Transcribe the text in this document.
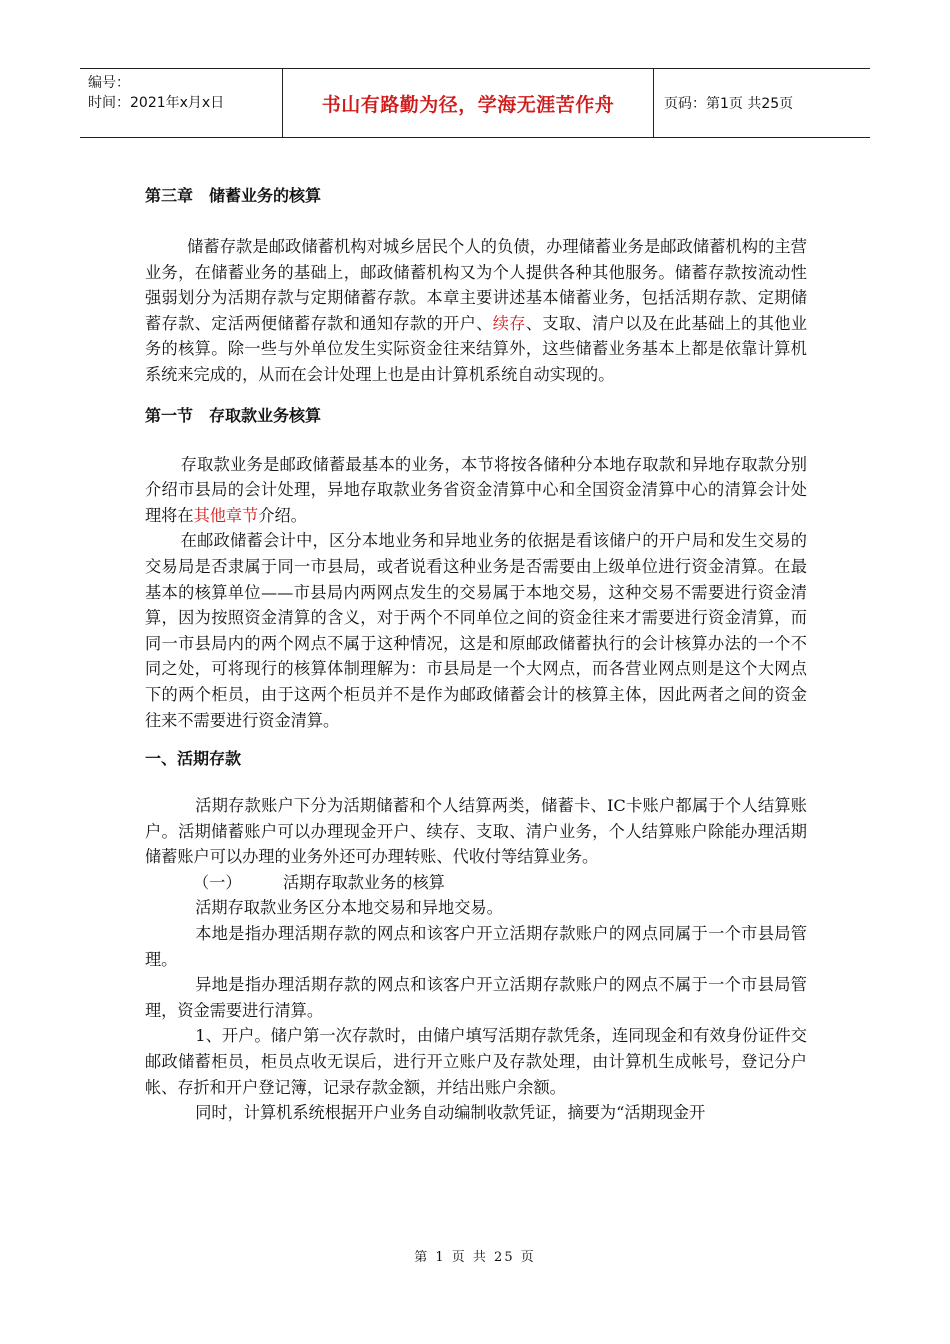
编号：
时间：2021年x月x日	书山有路勤为径，学海无涯苦作舟	页码：第1页 共25页
第三章　储蓄业务的核算

储蓄存款是邮政储蓄机构对城乡居民个人的负债，办理储蓄业务是邮政储蓄机构的主营业务，在储蓄业务的基础上，邮政储蓄机构又为个人提供各种其他服务。储蓄存款按流动性强弱划分为活期存款与定期储蓄存款。本章主要讲述基本储蓄业务，包括活期存款、定期储蓄存款、定活两便储蓄存款和通知存款的开户、续存、支取、清户以及在此基础上的其他业务的核算。除一些与外单位发生实际资金往来结算外，这些储蓄业务基本上都是依靠计算机系统来完成的，从而在会计处理上也是由计算机系统自动实现的。

第一节　存取款业务核算

存取款业务是邮政储蓄最基本的业务，本节将按各储种分本地存取款和异地存取款分别介绍市县局的会计处理，异地存取款业务省资金清算中心和全国资金清算中心的清算会计处理将在其他章节介绍。

在邮政储蓄会计中，区分本地业务和异地业务的依据是看该储户的开户局和发生交易的交易局是否隶属于同一市县局，或者说看这种业务是否需要由上级单位进行资金清算。在最基本的核算单位——市县局内两网点发生的交易属于本地交易，这种交易不需要进行资金清算，因为按照资金清算的含义，对于两个不同单位之间的资金往来才需要进行资金清算，而同一市县局内的两个网点不属于这种情况，这是和原邮政储蓄执行的会计核算办法的一个不同之处，可将现行的核算体制理解为：市县局是一个大网点，而各营业网点则是这个大网点下的两个柜员，由于这两个柜员并不是作为邮政储蓄会计的核算主体，因此两者之间的资金往来不需要进行资金清算。

一、活期存款

活期存款账户下分为活期储蓄和个人结算两类，储蓄卡、IC卡账户都属于个人结算账户。活期储蓄账户可以办理现金开户、续存、支取、清户业务，个人结算账户除能办理活期储蓄账户可以办理的业务外还可办理转账、代收付等结算业务。

（一）	活期存取款业务的核算

活期存取款业务区分本地交易和异地交易。

本地是指办理活期存款的网点和该客户开立活期存款账户的网点同属于一个市县局管理。

异地是指办理活期存款的网点和该客户开立活期存款账户的网点不属于一个市县局管理，资金需要进行清算。

1、开户。储户第一次存款时，由储户填写活期存款凭条，连同现金和有效身份证件交邮政储蓄柜员，柜员点收无误后，进行开立账户及存款处理，由计算机生成帐号，登记分户帐、存折和开户登记簿，记录存款金额，并结出账户余额。

同时，计算机系统根据开户业务自动编制收款凭证，摘要为“活期现金开

第 1 页 共 25 页
